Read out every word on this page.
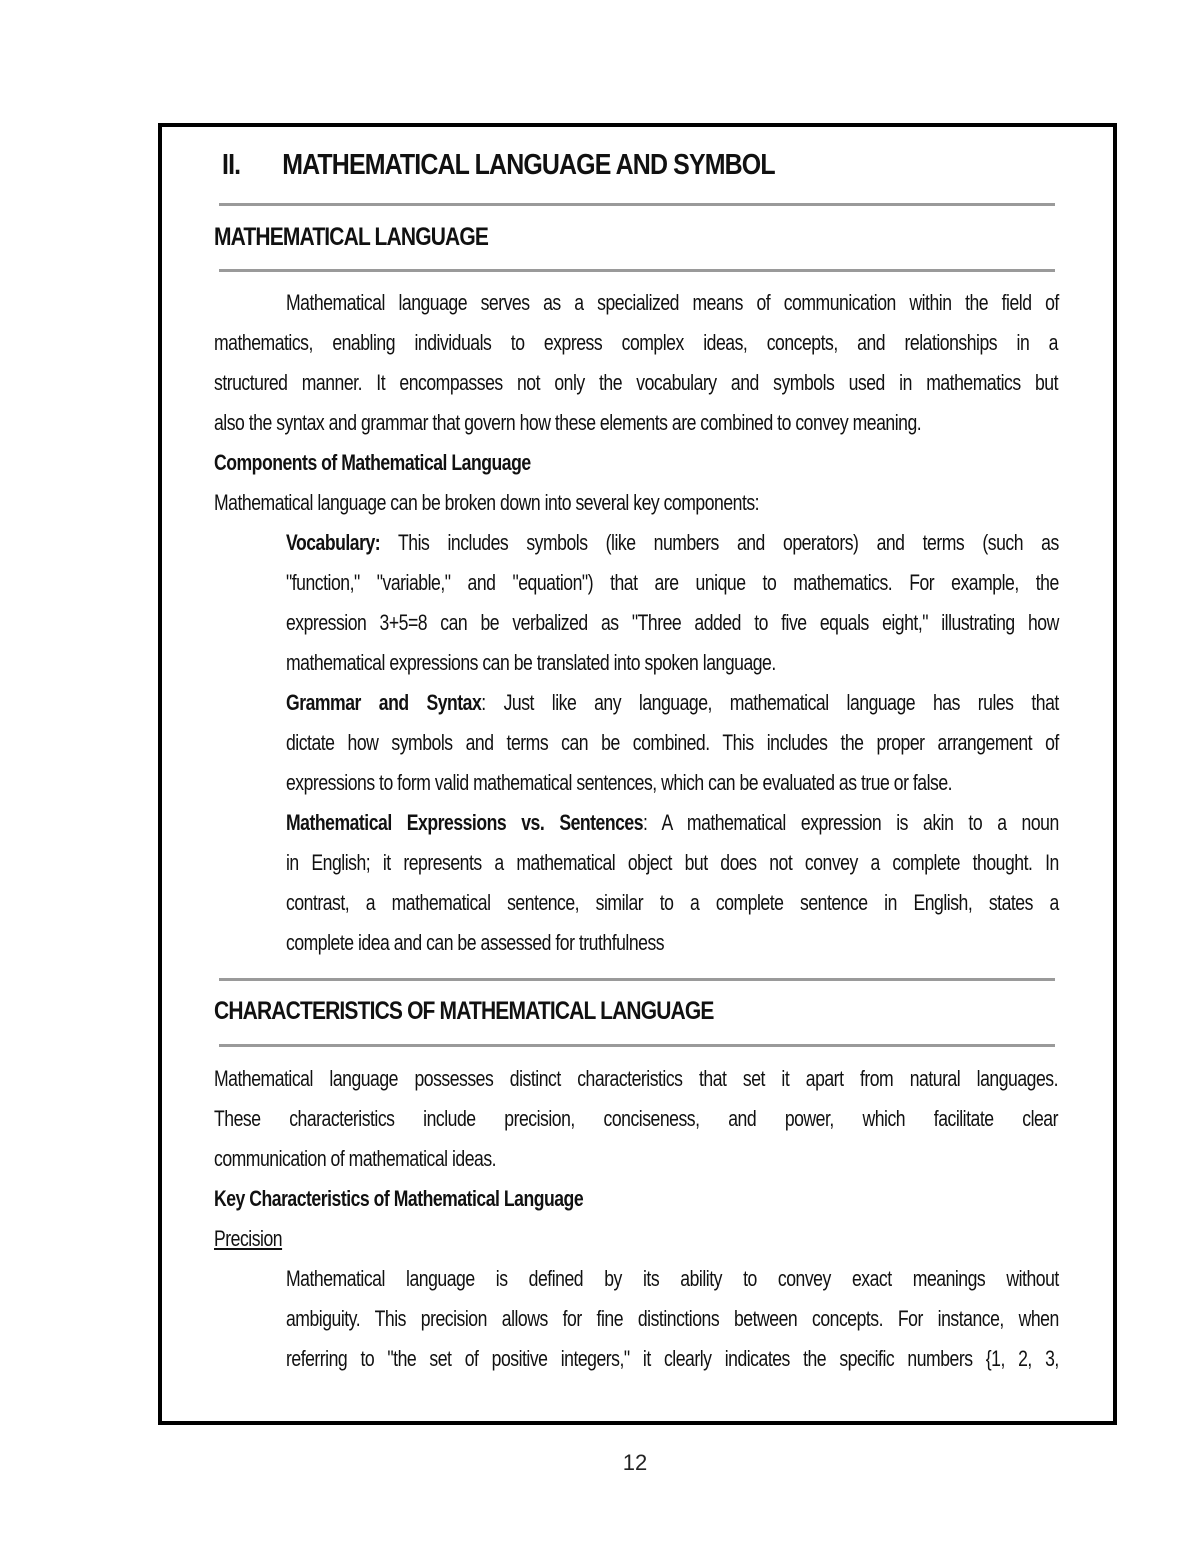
II. MATHEMATICAL LANGUAGE AND SYMBOL
MATHEMATICAL LANGUAGE
Mathematical language serves as a specialized means of communication within the field of
mathematics, enabling individuals to express complex ideas, concepts, and relationships in a
structured manner. It encompasses not only the vocabulary and symbols used in mathematics but
also the syntax and grammar that govern how these elements are combined to convey meaning.
Components of Mathematical Language
Mathematical language can be broken down into several key components:
Vocabulary: This includes symbols (like numbers and operators) and terms (such as
"function," "variable," and "equation") that are unique to mathematics. For example, the
expression 3+5=8 can be verbalized as "Three added to five equals eight," illustrating how
mathematical expressions can be translated into spoken language.
Grammar and Syntax: Just like any language, mathematical language has rules that
dictate how symbols and terms can be combined. This includes the proper arrangement of
expressions to form valid mathematical sentences, which can be evaluated as true or false.
Mathematical Expressions vs. Sentences: A mathematical expression is akin to a noun
in English; it represents a mathematical object but does not convey a complete thought. In
contrast, a mathematical sentence, similar to a complete sentence in English, states a
complete idea and can be assessed for truthfulness
CHARACTERISTICS OF MATHEMATICAL LANGUAGE
Mathematical language possesses distinct characteristics that set it apart from natural languages.
These characteristics include precision, conciseness, and power, which facilitate clear
communication of mathematical ideas.
Key Characteristics of Mathematical Language
Precision
Mathematical language is defined by its ability to convey exact meanings without
ambiguity. This precision allows for fine distinctions between concepts. For instance, when
referring to "the set of positive integers," it clearly indicates the specific numbers {1, 2, 3,
12
